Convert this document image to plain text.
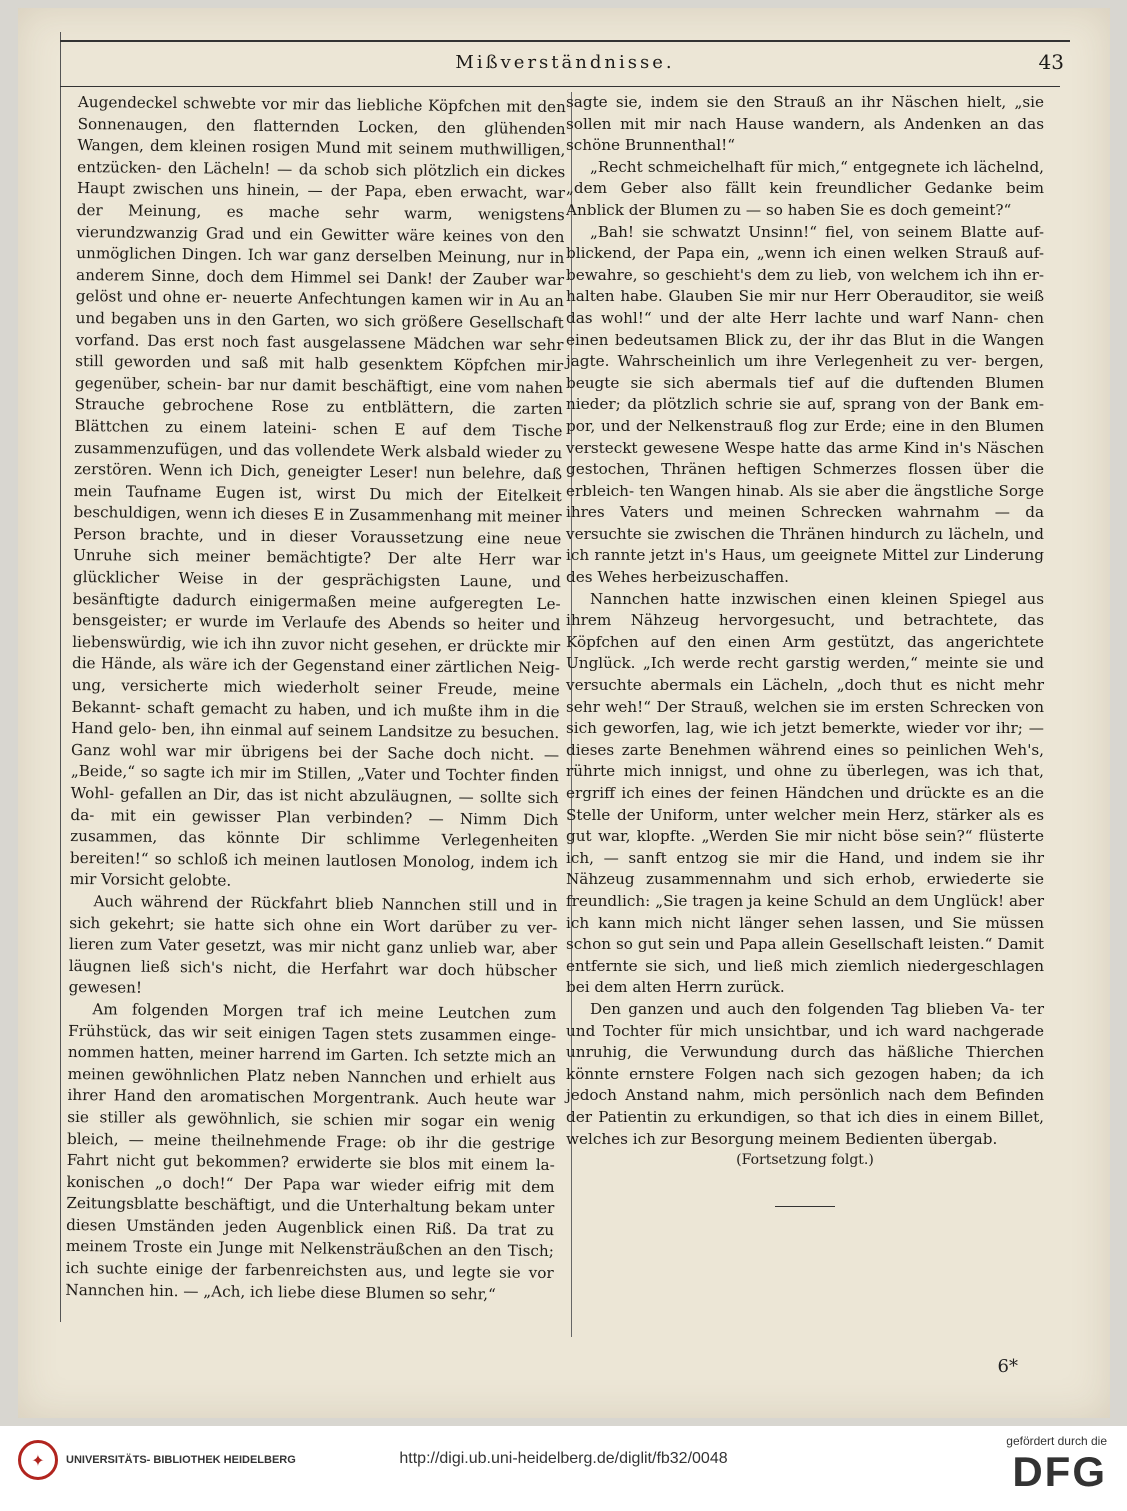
Mißverständnisse.	43

Augendeckel schwebte vor mir das liebliche Köpfchen mit den Sonnenaugen, den flatternden Locken, den glühenden Wangen, dem kleinen rosigen Mund mit seinem muthwilligen, entzücken- den Lächeln! — da schob sich plötzlich ein dickes Haupt zwischen uns hinein, — der Papa, eben erwacht, war der Meinung, es mache sehr warm, wenigstens vierundzwanzig Grad und ein Gewitter wäre keines von den unmöglichen Dingen. Ich war ganz derselben Meinung, nur in anderem Sinne, doch dem Himmel sei Dank! der Zauber war gelöst und ohne er- neuerte Anfechtungen kamen wir in Au an und begaben uns in den Garten, wo sich größere Gesellschaft vorfand. Das erst noch fast ausgelassene Mädchen war sehr still geworden und saß mit halb gesenktem Köpfchen mir gegenüber, schein- bar nur damit beschäftigt, eine vom nahen Strauche gebrochene Rose zu entblättern, die zarten Blättchen zu einem lateini- schen E auf dem Tische zusammenzufügen, und das vollendete Werk alsbald wieder zu zerstören. Wenn ich Dich, geneigter Leser! nun belehre, daß mein Taufname Eugen ist, wirst Du mich der Eitelkeit beschuldigen, wenn ich dieses E in Zusammenhang mit meiner Person brachte, und in dieser Voraussetzung eine neue Unruhe sich meiner bemächtigte? Der alte Herr war glücklicher Weise in der gesprächigsten Laune, und besänftigte dadurch einigermaßen meine aufgeregten Le- bensgeister; er wurde im Verlaufe des Abends so heiter und liebenswürdig, wie ich ihn zuvor nicht gesehen, er drückte mir die Hände, als wäre ich der Gegenstand einer zärtlichen Neig- ung, versicherte mich wiederholt seiner Freude, meine Bekannt- schaft gemacht zu haben, und ich mußte ihm in die Hand gelo- ben, ihn einmal auf seinem Landsitze zu besuchen. Ganz wohl war mir übrigens bei der Sache doch nicht. — „Beide,“ so sagte ich mir im Stillen, „Vater und Tochter finden Wohl- gefallen an Dir, das ist nicht abzuläugnen, — sollte sich da- mit ein gewisser Plan verbinden? — Nimm Dich zusammen, das könnte Dir schlimme Verlegenheiten bereiten!“ so schloß ich meinen lautlosen Monolog, indem ich mir Vorsicht gelobte.

Auch während der Rückfahrt blieb Nannchen still und in sich gekehrt; sie hatte sich ohne ein Wort darüber zu ver- lieren zum Vater gesetzt, was mir nicht ganz unlieb war, aber läugnen ließ sich's nicht, die Herfahrt war doch hübscher gewesen!

Am folgenden Morgen traf ich meine Leutchen zum Frühstück, das wir seit einigen Tagen stets zusammen einge- nommen hatten, meiner harrend im Garten. Ich setzte mich an meinen gewöhnlichen Platz neben Nannchen und erhielt aus ihrer Hand den aromatischen Morgentrank. Auch heute war sie stiller als gewöhnlich, sie schien mir sogar ein wenig bleich, — meine theilnehmende Frage: ob ihr die gestrige Fahrt nicht gut bekommen? erwiderte sie blos mit einem la- konischen „o doch!“ Der Papa war wieder eifrig mit dem Zeitungsblatte beschäftigt, und die Unterhaltung bekam unter diesen Umständen jeden Augenblick einen Riß. Da trat zu meinem Troste ein Junge mit Nelkensträußchen an den Tisch; ich suchte einige der farbenreichsten aus, und legte sie vor Nannchen hin. — „Ach, ich liebe diese Blumen so sehr,“

sagte sie, indem sie den Strauß an ihr Näschen hielt, „sie sollen mit mir nach Hause wandern, als Andenken an das schöne Brunnenthal!“

„Recht schmeichelhaft für mich,“ entgegnete ich lächelnd, „dem Geber also fällt kein freundlicher Gedanke beim Anblick der Blumen zu — so haben Sie es doch gemeint?“

„Bah! sie schwatzt Unsinn!“ fiel, von seinem Blatte auf- blickend, der Papa ein, „wenn ich einen welken Strauß auf- bewahre, so geschieht's dem zu lieb, von welchem ich ihn er- halten habe. Glauben Sie mir nur Herr Oberauditor, sie weiß das wohl!“ und der alte Herr lachte und warf Nann- chen einen bedeutsamen Blick zu, der ihr das Blut in die Wangen jagte. Wahrscheinlich um ihre Verlegenheit zu ver- bergen, beugte sie sich abermals tief auf die duftenden Blumen nieder; da plötzlich schrie sie auf, sprang von der Bank em- por, und der Nelkenstrauß flog zur Erde; eine in den Blumen versteckt gewesene Wespe hatte das arme Kind in's Näschen gestochen, Thränen heftigen Schmerzes flossen über die erbleich- ten Wangen hinab. Als sie aber die ängstliche Sorge ihres Vaters und meinen Schrecken wahrnahm — da versuchte sie zwischen die Thränen hindurch zu lächeln, und ich rannte jetzt in's Haus, um geeignete Mittel zur Linderung des Wehes herbeizuschaffen.

Nannchen hatte inzwischen einen kleinen Spiegel aus ihrem Nähzeug hervorgesucht, und betrachtete, das Köpfchen auf den einen Arm gestützt, das angerichtete Unglück. „Ich werde recht garstig werden,“ meinte sie und versuchte abermals ein Lächeln, „doch thut es nicht mehr sehr weh!“ Der Strauß, welchen sie im ersten Schrecken von sich geworfen, lag, wie ich jetzt bemerkte, wieder vor ihr; — dieses zarte Benehmen während eines so peinlichen Weh's, rührte mich innigst, und ohne zu überlegen, was ich that, ergriff ich eines der feinen Händchen und drückte es an die Stelle der Uniform, unter welcher mein Herz, stärker als es gut war, klopfte. „Werden Sie mir nicht böse sein?“ flüsterte ich, — sanft entzog sie mir die Hand, und indem sie ihr Nähzeug zusammennahm und sich erhob, erwiederte sie freundlich: „Sie tragen ja keine Schuld an dem Unglück! aber ich kann mich nicht länger sehen lassen, und Sie müssen schon so gut sein und Papa allein Gesellschaft leisten.“ Damit entfernte sie sich, und ließ mich ziemlich niedergeschlagen bei dem alten Herrn zurück.

Den ganzen und auch den folgenden Tag blieben Va- ter und Tochter für mich unsichtbar, und ich ward nachgerade unruhig, die Verwundung durch das häßliche Thierchen könnte ernstere Folgen nach sich gezogen haben; da ich jedoch Anstand nahm, mich persönlich nach dem Befinden der Patientin zu erkundigen, so that ich dies in einem Billet, welches ich zur Besorgung meinem Bedienten übergab.

(Fortsetzung folgt.)

6*
✦	UNIVERSITÄTS- BIBLIOTHEK HEIDELBERG	http://digi.ub.uni-heidelberg.de/diglit/fb32/0048
gefördert durch die
DFG
